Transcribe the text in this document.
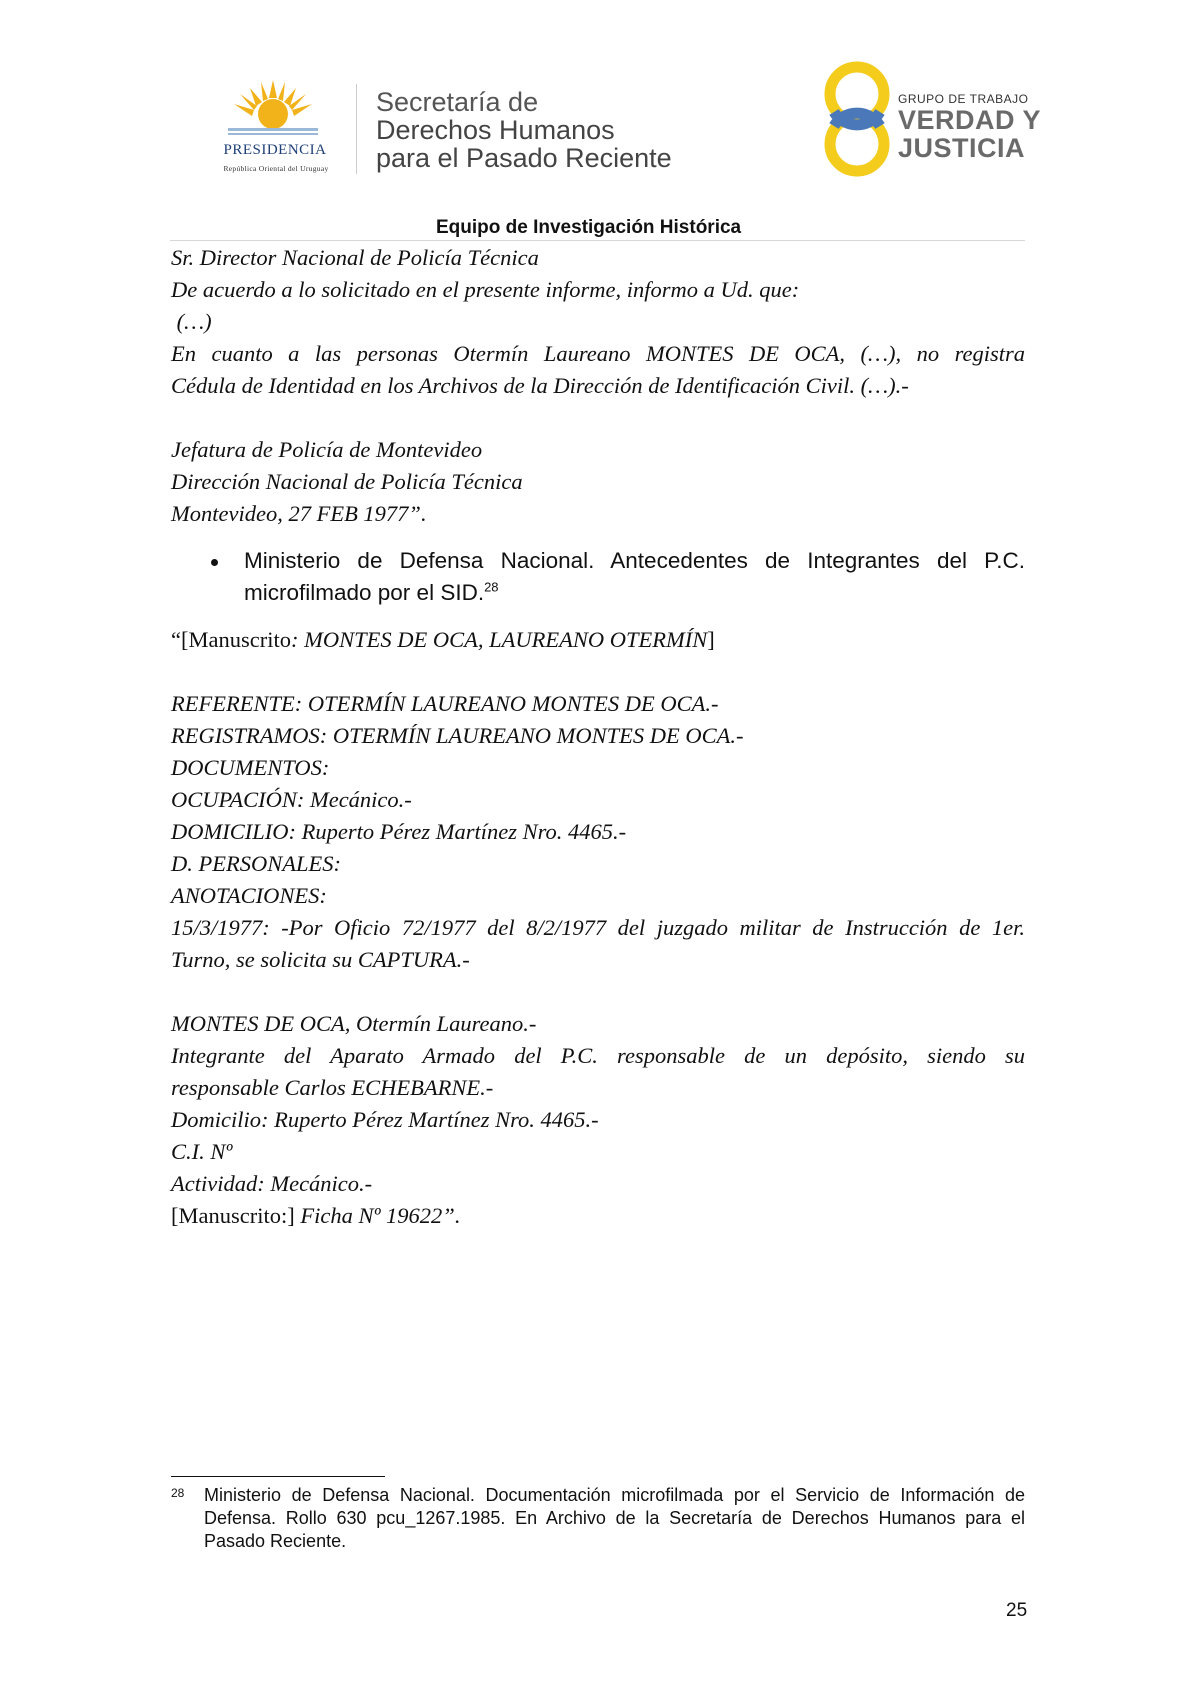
PRESIDENCIA
República Oriental del Uruguay
Secretaría de
Derechos Humanos
para el Pasado Reciente
GRUPO DE TRABAJO
VERDAD Y
JUSTICIA
Equipo de Investigación Histórica
Sr. Director Nacional de Policía Técnica
De acuerdo a lo solicitado en el presente informe, informo a Ud. que:
(…)
En cuanto a las personas Otermín Laureano MONTES DE OCA, (…), no registra
Cédula de Identidad en los Archivos de la Dirección de Identificación Civil. (…).-
Jefatura de Policía de Montevideo
Dirección Nacional de Policía Técnica
Montevideo, 27 FEB 1977”.
Ministerio de Defensa Nacional. Antecedentes de Integrantes del P.C.
microfilmado por el SID.$^{28}$
“[Manuscrito: MONTES DE OCA, LAUREANO OTERMÍN]
REFERENTE: OTERMÍN LAUREANO MONTES DE OCA.-
REGISTRAMOS: OTERMÍN LAUREANO MONTES DE OCA.-
DOCUMENTOS:
OCUPACIÓN: Mecánico.-
DOMICILIO: Ruperto Pérez Martínez Nro. 4465.-
D. PERSONALES:
ANOTACIONES:
15/3/1977: -Por Oficio 72/1977 del 8/2/1977 del juzgado militar de Instrucción de 1er.
Turno, se solicita su CAPTURA.-
MONTES DE OCA, Otermín Laureano.-
Integrante del Aparato Armado del P.C. responsable de un depósito, siendo su
responsable Carlos ECHEBARNE.-
Domicilio: Ruperto Pérez Martínez Nro. 4465.-
C.I. Nº
Actividad: Mecánico.-
[Manuscrito:] Ficha Nº 19622”.
28 Ministerio de Defensa Nacional. Documentación microfilmada por el Servicio de Información de Defensa. Rollo 630 pcu_1267.1985. En Archivo de la Secretaría de Derechos Humanos para el Pasado Reciente.
25
